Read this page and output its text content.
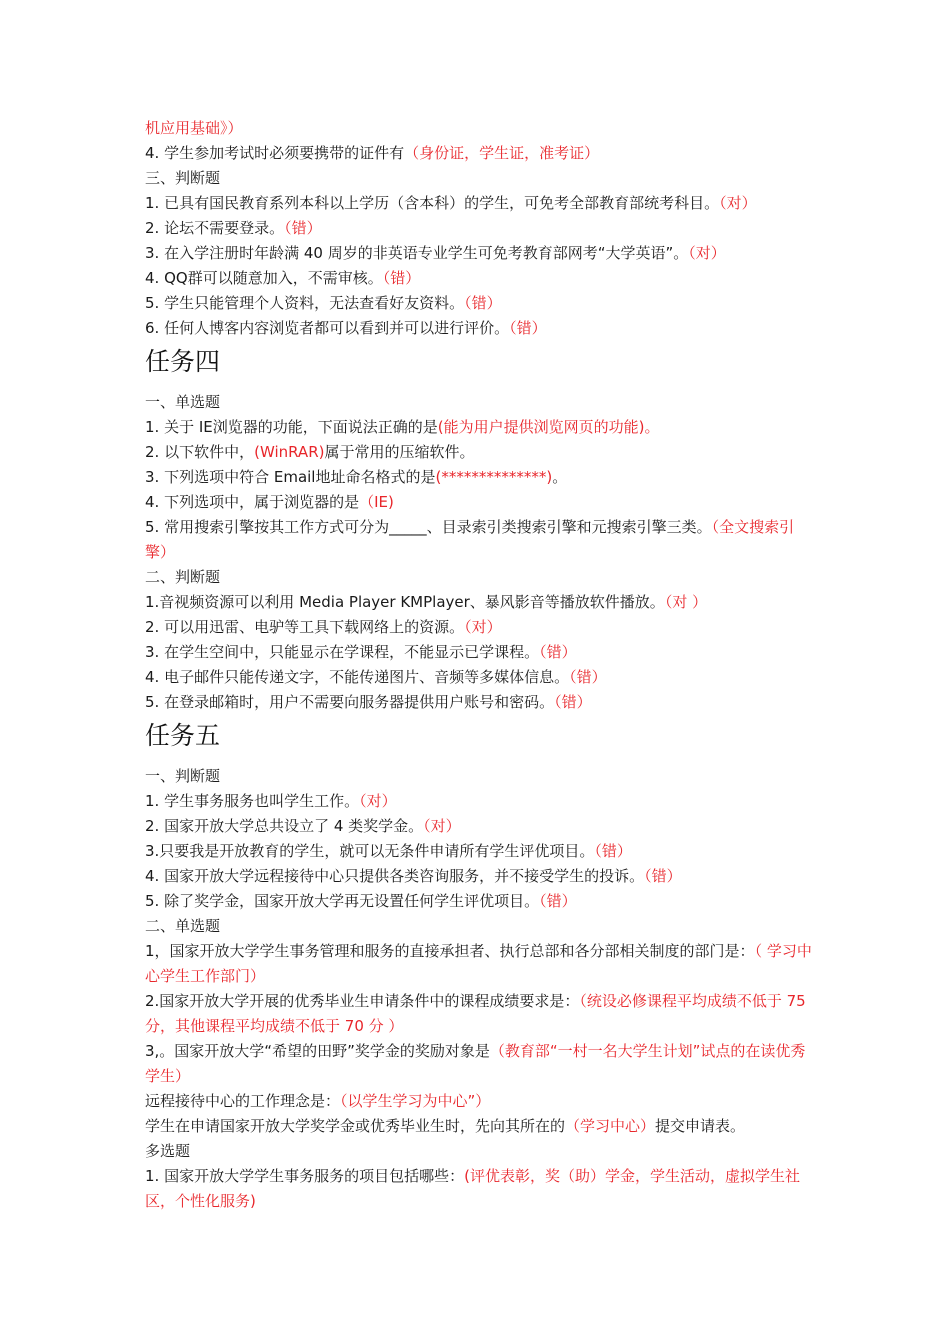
机应用基础》）
4. 学生参加考试时必须要携带的证件有（身份证，学生证，准考证）
三、判断题
1. 已具有国民教育系列本科以上学历（含本科）的学生，可免考全部教育部统考科目。（对）
2. 论坛不需要登录。（错）
3. 在入学注册时年龄满 40 周岁的非英语专业学生可免考教育部网考“大学英语”。（对）
4. QQ群可以随意加入，不需审核。（错）
5. 学生只能管理个人资料，无法查看好友资料。（错）
6. 任何人博客内容浏览者都可以看到并可以进行评价。（错）
任务四
一、单选题
1. 关于 IE浏览器的功能，下面说法正确的是(能为用户提供浏览网页的功能)。
2. 以下软件中，(WinRAR)属于常用的压缩软件。
3. 下列选项中符合 Email地址命名格式的是(**************)。
4. 下列选项中，属于浏览器的是（IE)
5. 常用搜索引擎按其工作方式可分为_____、目录索引类搜索引擎和元搜索引擎三类。（全文搜索引擎）
二、判断题
1.音视频资源可以利用 Media Player KMPlayer、暴风影音等播放软件播放。（对 ）
2. 可以用迅雷、电驴等工具下载网络上的资源。（对）
3. 在学生空间中，只能显示在学课程，不能显示已学课程。（错）
4. 电子邮件只能传递文字，不能传递图片、音频等多媒体信息。（错）
5. 在登录邮箱时，用户不需要向服务器提供用户账号和密码。（错）
任务五
一、判断题
1. 学生事务服务也叫学生工作。（对）
2. 国家开放大学总共设立了 4 类奖学金。（对）
3.只要我是开放教育的学生，就可以无条件申请所有学生评优项目。（错）
4. 国家开放大学远程接待中心只提供各类咨询服务，并不接受学生的投诉。（错）
5. 除了奖学金，国家开放大学再无设置任何学生评优项目。（错）
二、单选题
1，国家开放大学学生事务管理和服务的直接承担者、执行总部和各分部相关制度的部门是：（ 学习中心学生工作部门）
2.国家开放大学开展的优秀毕业生申请条件中的课程成绩要求是：（统设必修课程平均成绩不低于 75 分，其他课程平均成绩不低于 70 分 ）
3,。国家开放大学“希望的田野”奖学金的奖励对象是（教育部“一村一名大学生计划”试点的在读优秀学生）
远程接待中心的工作理念是：（以学生学习为中心”）
学生在申请国家开放大学奖学金或优秀毕业生时，先向其所在的（学习中心）提交申请表。
多选题
1. 国家开放大学学生事务服务的项目包括哪些：(评优表彰，奖（助）学金，学生活动，虚拟学生社区，个性化服务)
